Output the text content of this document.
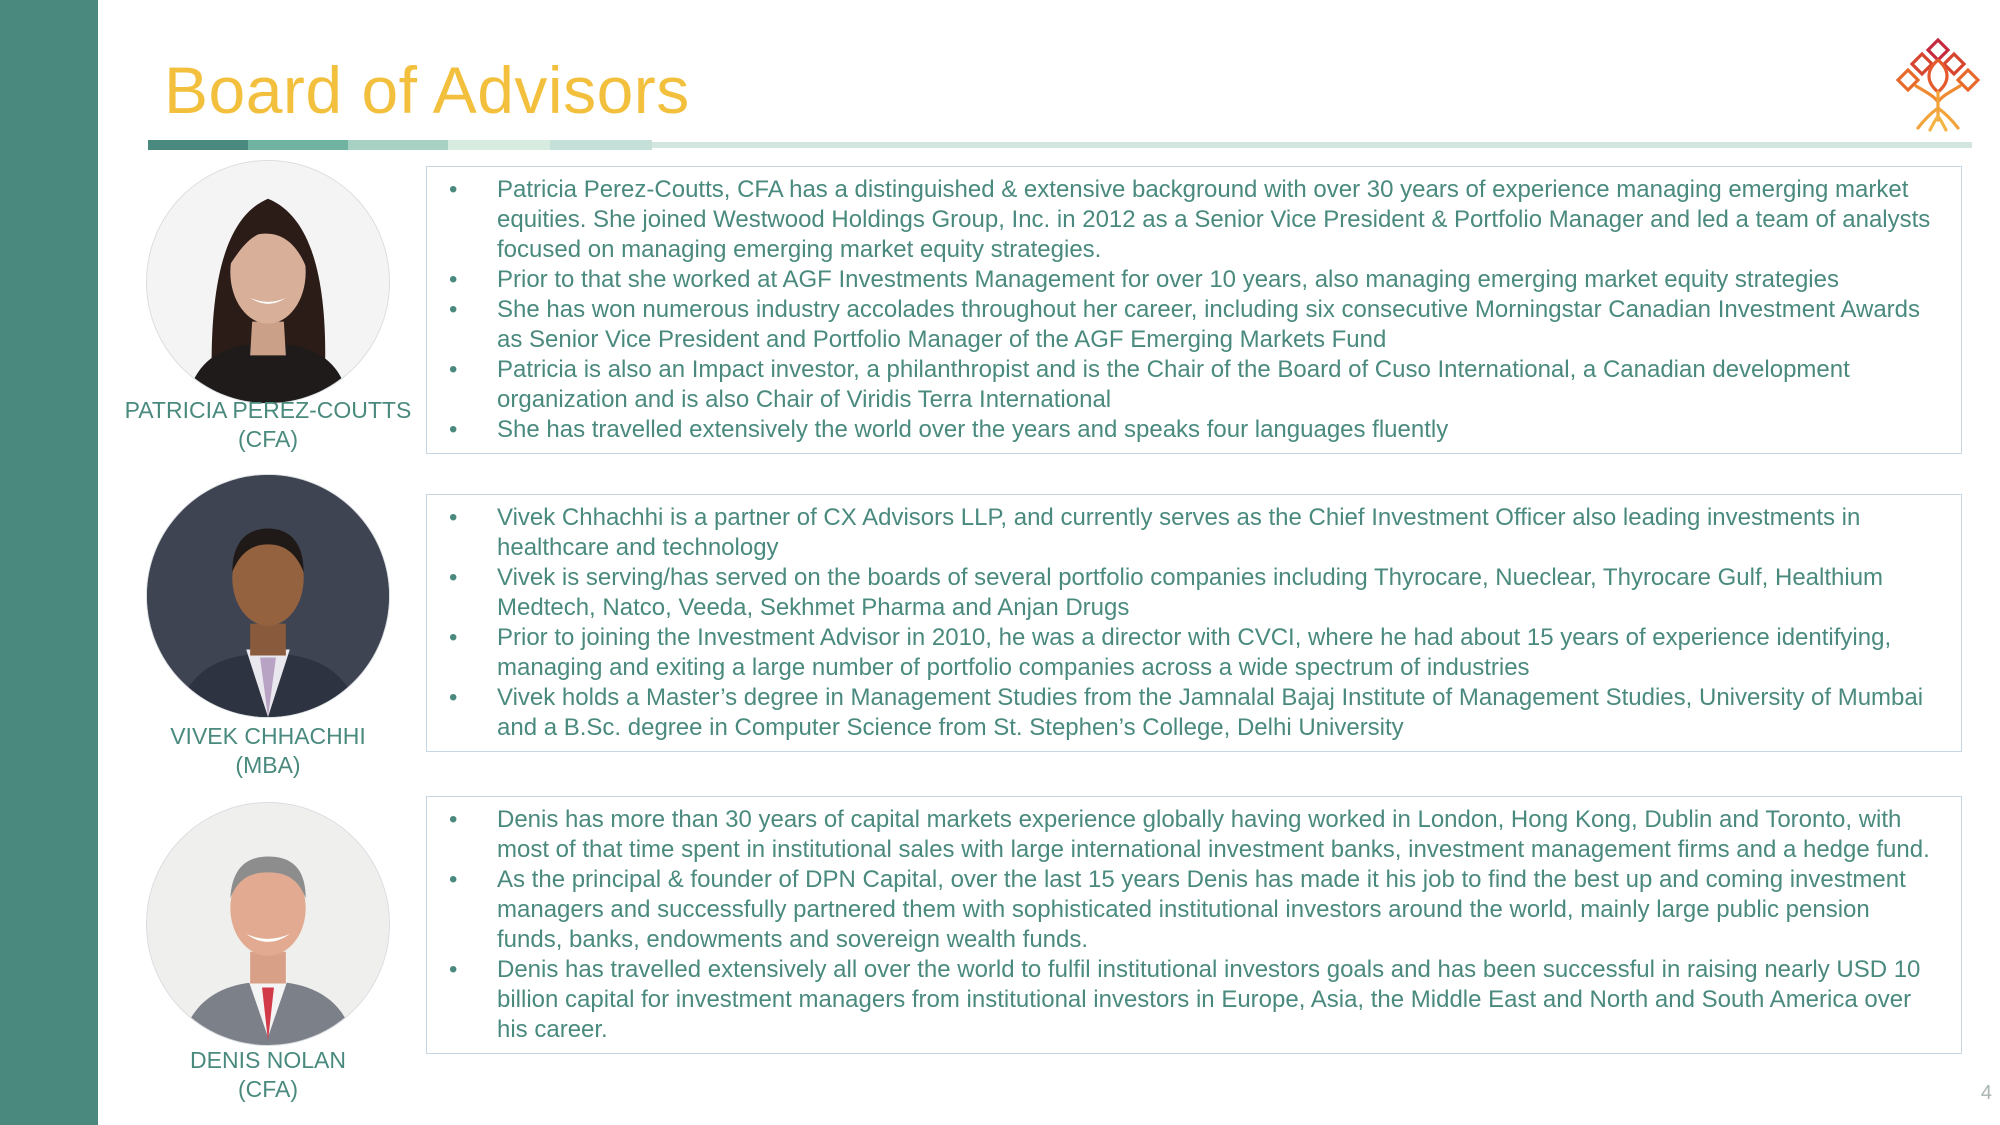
Board of Advisors
PATRICIA PEREZ-COUTTS
(CFA)
• Patricia Perez-Coutts, CFA has a distinguished & extensive background with over 30 years of experience managing emerging market equities. She joined Westwood Holdings Group, Inc. in 2012 as a Senior Vice President & Portfolio Manager and led a team of analysts focused on managing emerging market equity strategies.
• Prior to that she worked at AGF Investments Management for over 10 years, also managing emerging market equity strategies
• She has won numerous industry accolades throughout her career, including six consecutive Morningstar Canadian Investment Awards as Senior Vice President and Portfolio Manager of the AGF Emerging Markets Fund
• Patricia is also an Impact investor, a philanthropist and is the Chair of the Board of Cuso International, a Canadian development organization and is also Chair of Viridis Terra International
• She has travelled extensively the world over the years and speaks four languages fluently
VIVEK CHHACHHI
(MBA)
• Vivek Chhachhi is a partner of CX Advisors LLP, and currently serves as the Chief Investment Officer also leading investments in healthcare and technology
• Vivek is serving/has served on the boards of several portfolio companies including Thyrocare, Nueclear, Thyrocare Gulf, Healthium Medtech, Natco, Veeda, Sekhmet Pharma and Anjan Drugs
• Prior to joining the Investment Advisor in 2010, he was a director with CVCI, where he had about 15 years of experience identifying, managing and exiting a large number of portfolio companies across a wide spectrum of industries
• Vivek holds a Master’s degree in Management Studies from the Jamnalal Bajaj Institute of Management Studies, University of Mumbai and a B.Sc. degree in Computer Science from St. Stephen’s College, Delhi University
DENIS NOLAN
(CFA)
• Denis has more than 30 years of capital markets experience globally having worked in London, Hong Kong, Dublin and Toronto, with most of that time spent in institutional sales with large international investment banks, investment management firms and a hedge fund.
• As the principal & founder of DPN Capital, over the last 15 years Denis has made it his job to find the best up and coming investment managers and successfully partnered them with sophisticated institutional investors around the world, mainly large public pension funds, banks, endowments and sovereign wealth funds.
• Denis has travelled extensively all over the world to fulfil institutional investors goals and has been successful in raising nearly USD 10 billion capital for investment managers from institutional investors in Europe, Asia, the Middle East and North and South America over his career.
4
